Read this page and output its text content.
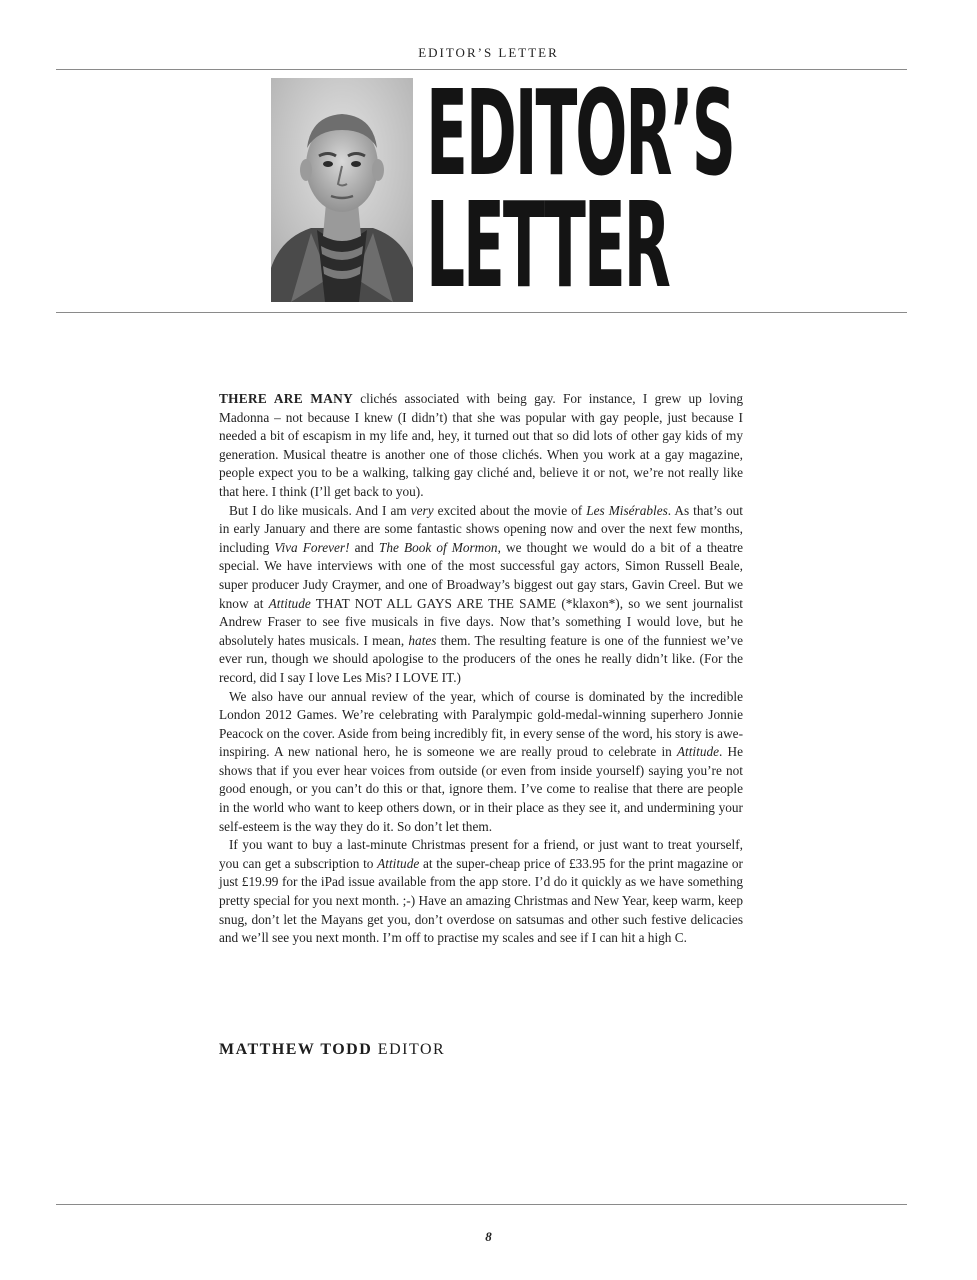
EDITOR’S LETTER
EDITOR’S
LETTER

THERE ARE MANY clichés associated with being gay. For instance, I grew up loving Madonna – not because I knew (I didn’t) that she was popular with gay people, just because I needed a bit of escapism in my life and, hey, it turned out that so did lots of other gay kids of my generation. Musical theatre is another one of those clichés. When you work at a gay magazine, people expect you to be a walking, talking gay cliché and, believe it or not, we’re not really like that here. I think (I’ll get back to you).

But I do like musicals. And I am very excited about the movie of Les Misérables. As that’s out in early January and there are some fantastic shows opening now and over the next few months, including Viva Forever! and The Book of Mormon, we thought we would do a bit of a theatre special. We have interviews with one of the most successful gay actors, Simon Russell Beale, super producer Judy Craymer, and one of Broadway’s biggest out gay stars, Gavin Creel. But we know at Attitude THAT NOT ALL GAYS ARE THE SAME (*klaxon*), so we sent journalist Andrew Fraser to see five musicals in five days. Now that’s something I would love, but he absolutely hates musicals. I mean, hates them. The resulting feature is one of the funniest we’ve ever run, though we should apologise to the producers of the ones he really didn’t like. (For the record, did I say I love Les Mis? I LOVE IT.)

We also have our annual review of the year, which of course is dominated by the incredible London 2012 Games. We’re celebrating with Paralympic gold-medal-winning superhero Jonnie Peacock on the cover. Aside from being incredibly fit, in every sense of the word, his story is awe-inspiring. A new national hero, he is someone we are really proud to celebrate in Attitude. He shows that if you ever hear voices from outside (or even from inside yourself) saying you’re not good enough, or you can’t do this or that, ignore them. I’ve come to realise that there are people in the world who want to keep others down, or in their place as they see it, and undermining your self-esteem is the way they do it. So don’t let them.

If you want to buy a last-minute Christmas present for a friend, or just want to treat yourself, you can get a subscription to Attitude at the super-cheap price of £33.95 for the print magazine or just £19.99 for the iPad issue available from the app store. I’d do it quickly as we have something pretty special for you next month. ;-) Have an amazing Christmas and New Year, keep warm, keep snug, don’t let the Mayans get you, don’t overdose on satsumas and other such festive delicacies and we’ll see you next month. I’m off to practise my scales and see if I can hit a high C.

MATTHEW TODD EDITOR
8
